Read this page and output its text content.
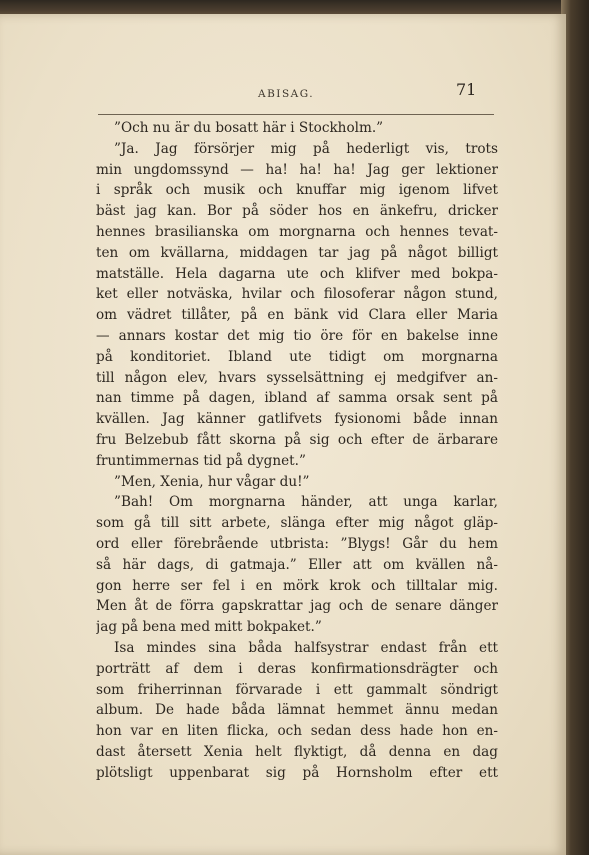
ABISAG.	71
”Och nu är du bosatt här i Stockholm.”
”Ja. Jag försörjer mig på hederligt vis, trots
min ungdomssynd — ha! ha! ha! Jag ger lektioner
i språk och musik och knuffar mig igenom lifvet
bäst jag kan. Bor på söder hos en änkefru, dricker
hennes brasilianska om morgnarna och hennes tevat-
ten om kvällarna, middagen tar jag på något billigt
matställe. Hela dagarna ute och klifver med bokpa-
ket eller notväska, hvilar och filosoferar någon stund,
om vädret tillåter, på en bänk vid Clara eller Maria
— annars kostar det mig tio öre för en bakelse inne
på konditoriet. Ibland ute tidigt om morgnarna
till någon elev, hvars sysselsättning ej medgifver an-
nan timme på dagen, ibland af samma orsak sent på
kvällen. Jag känner gatlifvets fysionomi både innan
fru Belzebub fått skorna på sig och efter de ärbarare
fruntimmernas tid på dygnet.”
”Men, Xenia, hur vågar du!”
”Bah! Om morgnarna händer, att unga karlar,
som gå till sitt arbete, slänga efter mig något gläp-
ord eller förebrående utbrista: ”Blygs! Går du hem
så här dags, di gatmaja.” Eller att om kvällen nå-
gon herre ser fel i en mörk krok och tilltalar mig.
Men åt de förra gapskrattar jag och de senare dänger
jag på bena med mitt bokpaket.”
Isa mindes sina båda halfsystrar endast från ett
porträtt af dem i deras konfirmationsdrägter och
som friherrinnan förvarade i ett gammalt söndrigt
album. De hade båda lämnat hemmet ännu medan
hon var en liten flicka, och sedan dess hade hon en-
dast återsett Xenia helt flyktigt, då denna en dag
plötsligt uppenbarat sig på Hornsholm efter ett
